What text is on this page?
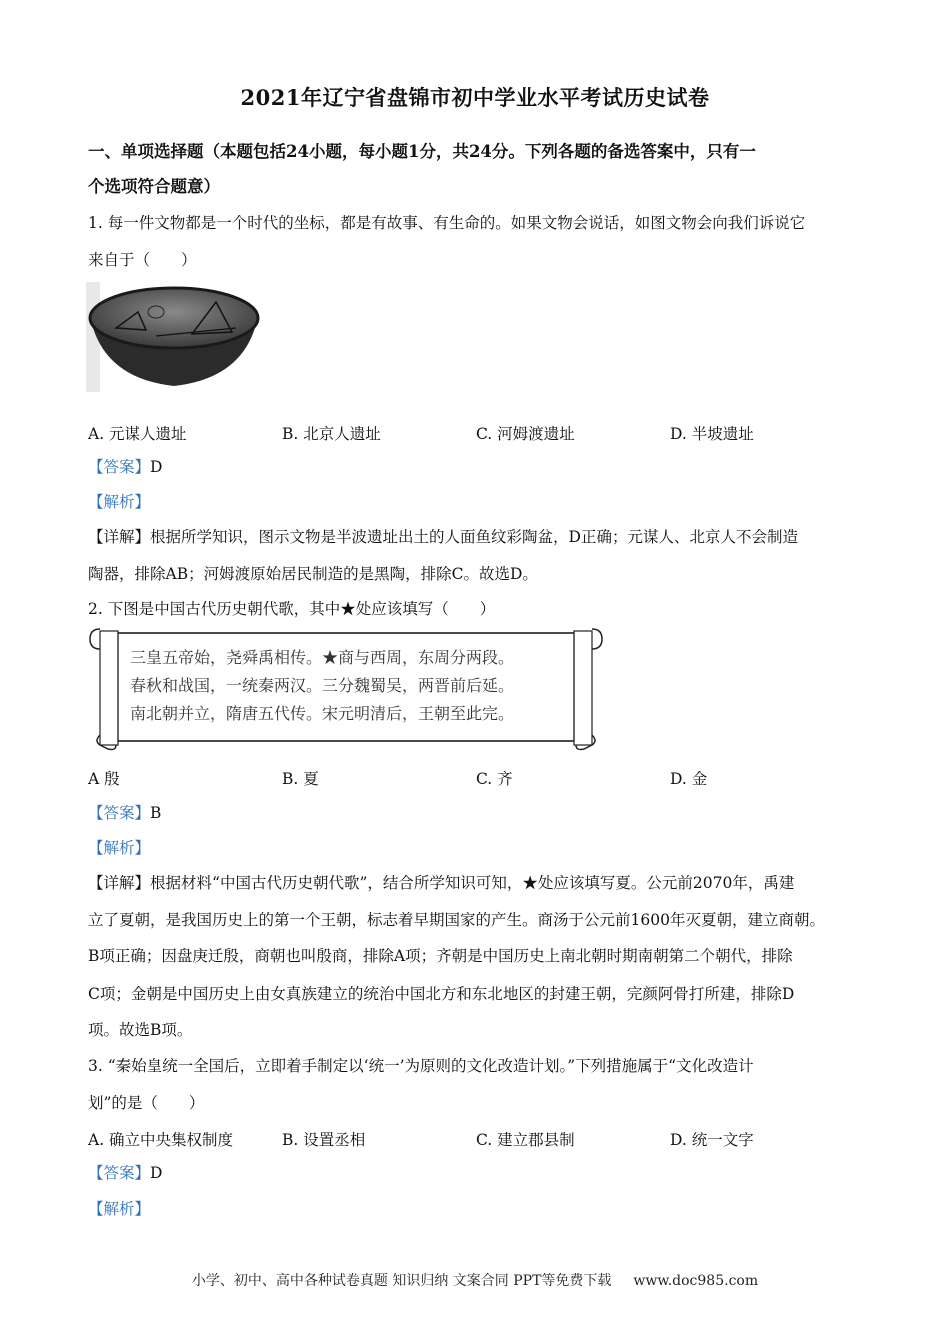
2021年辽宁省盘锦市初中学业水平考试历史试卷
一、单项选择题（本题包括24小题，每小题1分，共24分。下列各题的备选答案中，只有一
个选项符合题意）
1. 每一件文物都是一个时代的坐标，都是有故事、有生命的。如果文物会说话，如图文物会向我们诉说它
来自于（　　）
A. 元谋人遗址	B. 北京人遗址	C. 河姆渡遗址	D. 半坡遗址
【答案】D
【解析】
【详解】根据所学知识，图示文物是半波遗址出土的人面鱼纹彩陶盆，D正确；元谋人、北京人不会制造
陶器，排除AB；河姆渡原始居民制造的是黑陶，排除C。故选D。
2. 下图是中国古代历史朝代歌，其中★处应该填写（　　）
三皇五帝始，尧舜禹相传。★商与西周，东周分两段。
春秋和战国，一统秦两汉。三分魏蜀吴，两晋前后延。
南北朝并立，隋唐五代传。宋元明清后，王朝至此完。
A 殷	B. 夏	C. 齐	D. 金
【答案】B
【解析】
【详解】根据材料“中国古代历史朝代歌”，结合所学知识可知，★处应该填写夏。公元前2070年，禹建
立了夏朝，是我国历史上的第一个王朝，标志着早期国家的产生。商汤于公元前1600年灭夏朝，建立商朝。
B项正确；因盘庚迁殷，商朝也叫殷商，排除A项；齐朝是中国历史上南北朝时期南朝第二个朝代，排除
C项；金朝是中国历史上由女真族建立的统治中国北方和东北地区的封建王朝，完颜阿骨打所建，排除D
项。故选B项。
3. “秦始皇统一全国后，立即着手制定以‘统一’为原则的文化改造计划。”下列措施属于“文化改造计
划”的是（　　）
A. 确立中央集权制度	B. 设置丞相	C. 建立郡县制	D. 统一文字
【答案】D
【解析】
小学、初中、高中各种试卷真题 知识归纳 文案合同 PPT等免费下载 www.doc985.com
